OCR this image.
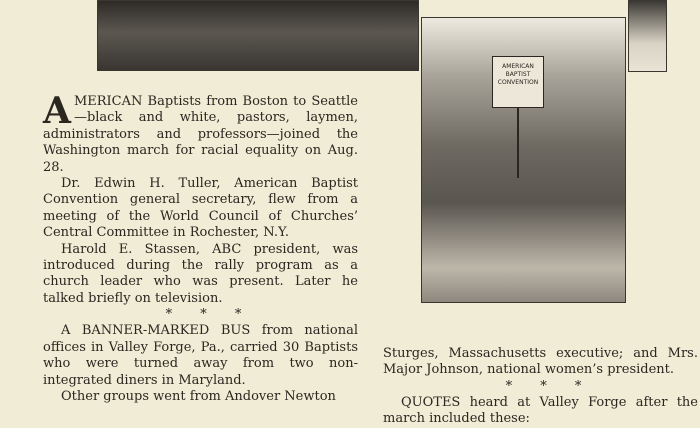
AMERICAN BAPTIST CONVENTION

AMERICAN Baptists from Boston to Seattle—black and white, pastors, laymen, administrators and professors—joined the Washington march for racial equality on Aug. 28.

Dr. Edwin H. Tuller, American Baptist Convention general secretary, flew from a meeting of the World Council of Churches’ Central Committee in Rochester, N.Y.

Harold E. Stassen, ABC president, was introduced during the rally program as a church leader who was present. Later he talked briefly on television.

* * *

A BANNER-MARKED BUS from national offices in Valley Forge, Pa., carried 30 Baptists who were turned away from two non-integrated diners in Maryland.

Other groups went from Andover Newton

Sturges, Massachusetts executive; and Mrs. Major Johnson, national women’s president.

* * *

QUOTES heard at Valley Forge after the march included these:
